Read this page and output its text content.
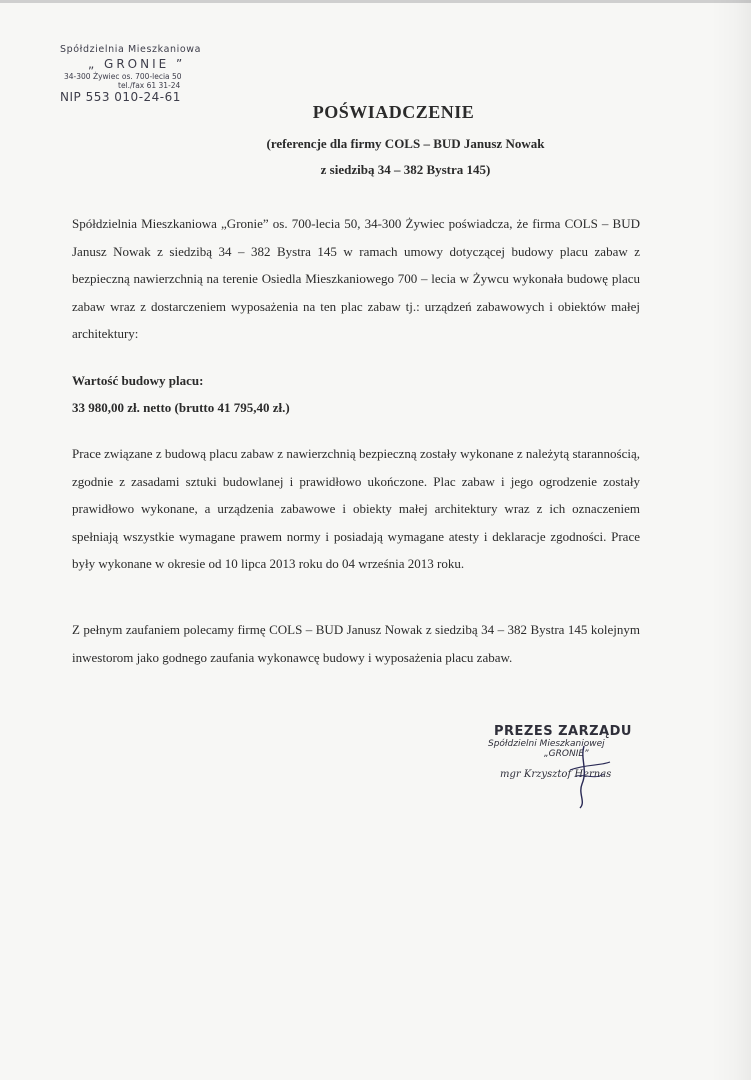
Spółdzielnia Mieszkaniowa
„ GRONIE ”
34-300 Żywiec os. 700-lecia 50
tel./fax 61 31-24
NIP 553 010-24-61
POŚWIADCZENIE
(referencje dla firmy COLS – BUD Janusz Nowak
z siedzibą 34 – 382 Bystra 145)

Spółdzielnia Mieszkaniowa „Gronie” os. 700-lecia 50, 34-300 Żywiec poświadcza, że firma COLS – BUD Janusz Nowak z siedzibą 34 – 382 Bystra 145 w ramach umowy dotyczącej budowy placu zabaw z bezpieczną nawierzchnią na terenie Osiedla Mieszkaniowego 700 – lecia w Żywcu wykonała budowę placu zabaw wraz z dostarczeniem wyposażenia na ten plac zabaw tj.: urządzeń zabawowych i obiektów małej architektury:

Wartość budowy placu:
33 980,00 zł. netto (brutto 41 795,40 zł.)

Prace związane z budową placu zabaw z nawierzchnią bezpieczną zostały wykonane z należytą starannością, zgodnie z zasadami sztuki budowlanej i prawidłowo ukończone. Plac zabaw i jego ogrodzenie zostały prawidłowo wykonane, a urządzenia zabawowe i obiekty małej architektury wraz z ich oznaczeniem spełniają wszystkie wymagane prawem normy i posiadają wymagane atesty i deklaracje zgodności. Prace były wykonane w okresie od 10 lipca 2013 roku do 04 września 2013 roku.

Z pełnym zaufaniem polecamy firmę COLS – BUD Janusz Nowak z siedzibą 34 – 382 Bystra 145 kolejnym inwestorom jako godnego zaufania wykonawcę budowy i wyposażenia placu zabaw.

PREZES ZARZĄDU
Spółdzielni Mieszkaniowej
„GRONIE”
mgr Krzysztof Hernas
